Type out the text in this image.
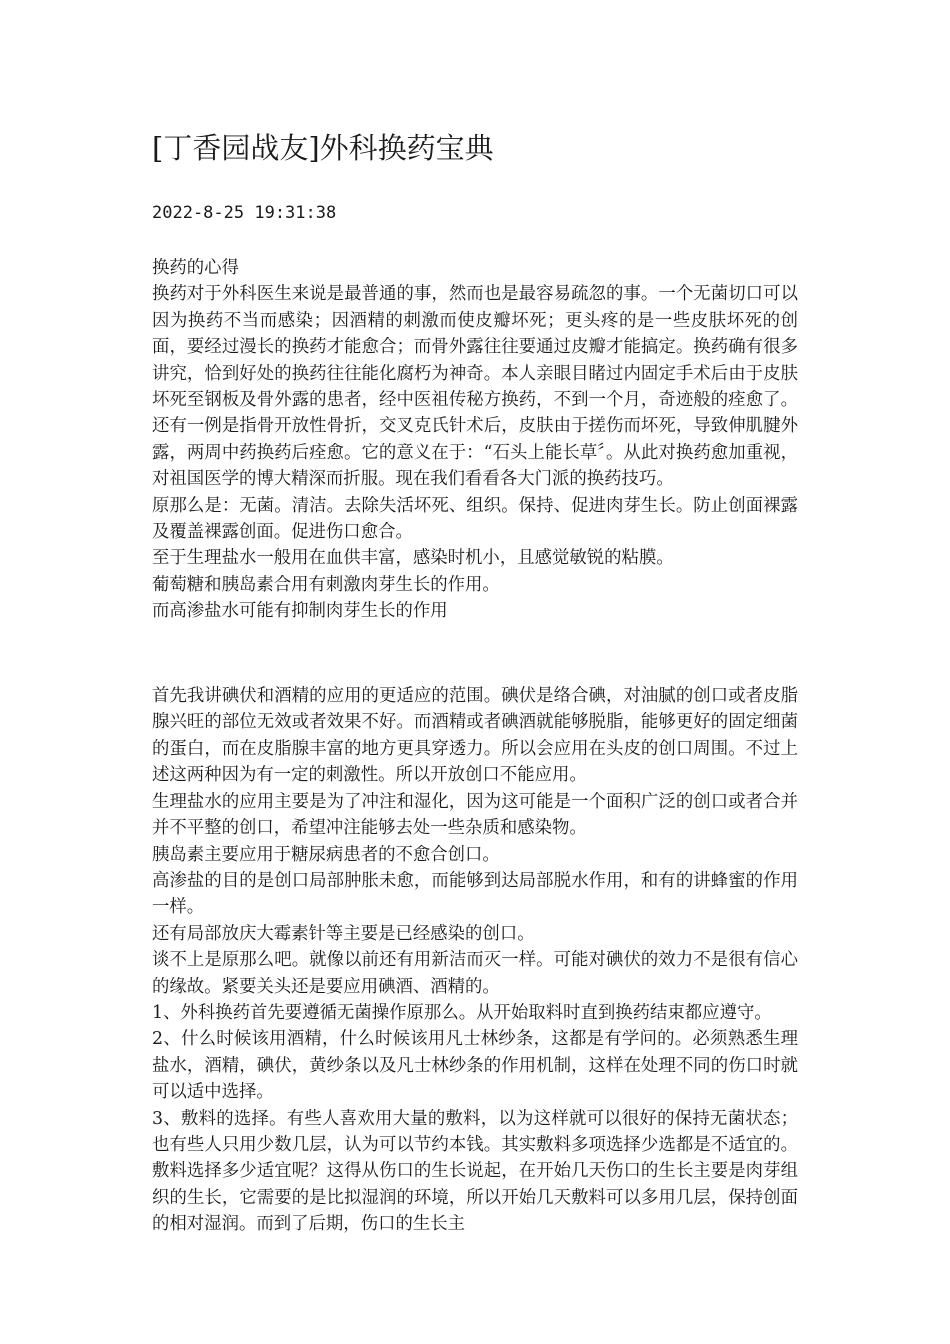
[丁香园战友]外科换药宝典
2022-8-25 19:31:38

换药的心得

换药对于外科医生来说是最普通的事，然而也是最容易疏忽的事。一个无菌切口可以因为换药不当而感染；因酒精的刺激而使皮瓣坏死；更头疼的是一些皮肤坏死的创面，要经过漫长的换药才能愈合；而骨外露往往要通过皮瓣才能搞定。换药确有很多讲究，恰到好处的换药往往能化腐朽为神奇。本人亲眼目睹过内固定手术后由于皮肤坏死至钢板及骨外露的患者，经中医祖传秘方换药，不到一个月，奇迹般的痊愈了。还有一例是指骨开放性骨折，交叉克氏针术后，皮肤由于搓伤而坏死，导致伸肌腱外露，两周中药换药后痊愈。它的意义在于：“石头上能长草〞。从此对换药愈加重视，对祖国医学的博大精深而折服。现在我们看看各大门派的换药技巧。

原那么是：无菌。清洁。去除失活坏死、组织。保持、促进肉芽生长。防止创面裸露及覆盖裸露创面。促进伤口愈合。

至于生理盐水一般用在血供丰富，感染时机小，且感觉敏锐的粘膜。

葡萄糖和胰岛素合用有刺激肉芽生长的作用。

而高渗盐水可能有抑制肉芽生长的作用

首先我讲碘伏和酒精的应用的更适应的范围。碘伏是络合碘，对油腻的创口或者皮脂腺兴旺的部位无效或者效果不好。而酒精或者碘酒就能够脱脂，能够更好的固定细菌的蛋白，而在皮脂腺丰富的地方更具穿透力。所以会应用在头皮的创口周围。不过上述这两种因为有一定的刺激性。所以开放创口不能应用。

生理盐水的应用主要是为了冲注和湿化，因为这可能是一个面积广泛的创口或者合并并不平整的创口，希望冲注能够去处一些杂质和感染物。

胰岛素主要应用于糖尿病患者的不愈合创口。

高渗盐的目的是创口局部肿胀未愈，而能够到达局部脱水作用，和有的讲蜂蜜的作用一样。

还有局部放庆大霉素针等主要是已经感染的创口。

谈不上是原那么吧。就像以前还有用新洁而灭一样。可能对碘伏的效力不是很有信心的缘故。紧要关头还是要应用碘酒、酒精的。

1、外科换药首先要遵循无菌操作原那么。从开始取料时直到换药结束都应遵守。

2、什么时候该用酒精，什么时候该用凡士林纱条，这都是有学问的。必须熟悉生理盐水，酒精，碘伏，黄纱条以及凡士林纱条的作用机制，这样在处理不同的伤口时就可以适中选择。

3、敷料的选择。有些人喜欢用大量的敷料，以为这样就可以很好的保持无菌状态；也有些人只用少数几层，认为可以节约本钱。其实敷料多项选择少选都是不适宜的。敷料选择多少适宜呢？这得从伤口的生长说起，在开始几天伤口的生长主要是肉芽组织的生长，它需要的是比拟湿润的环境，所以开始几天敷料可以多用几层，保持创面的相对湿润。而到了后期，伤口的生长主
